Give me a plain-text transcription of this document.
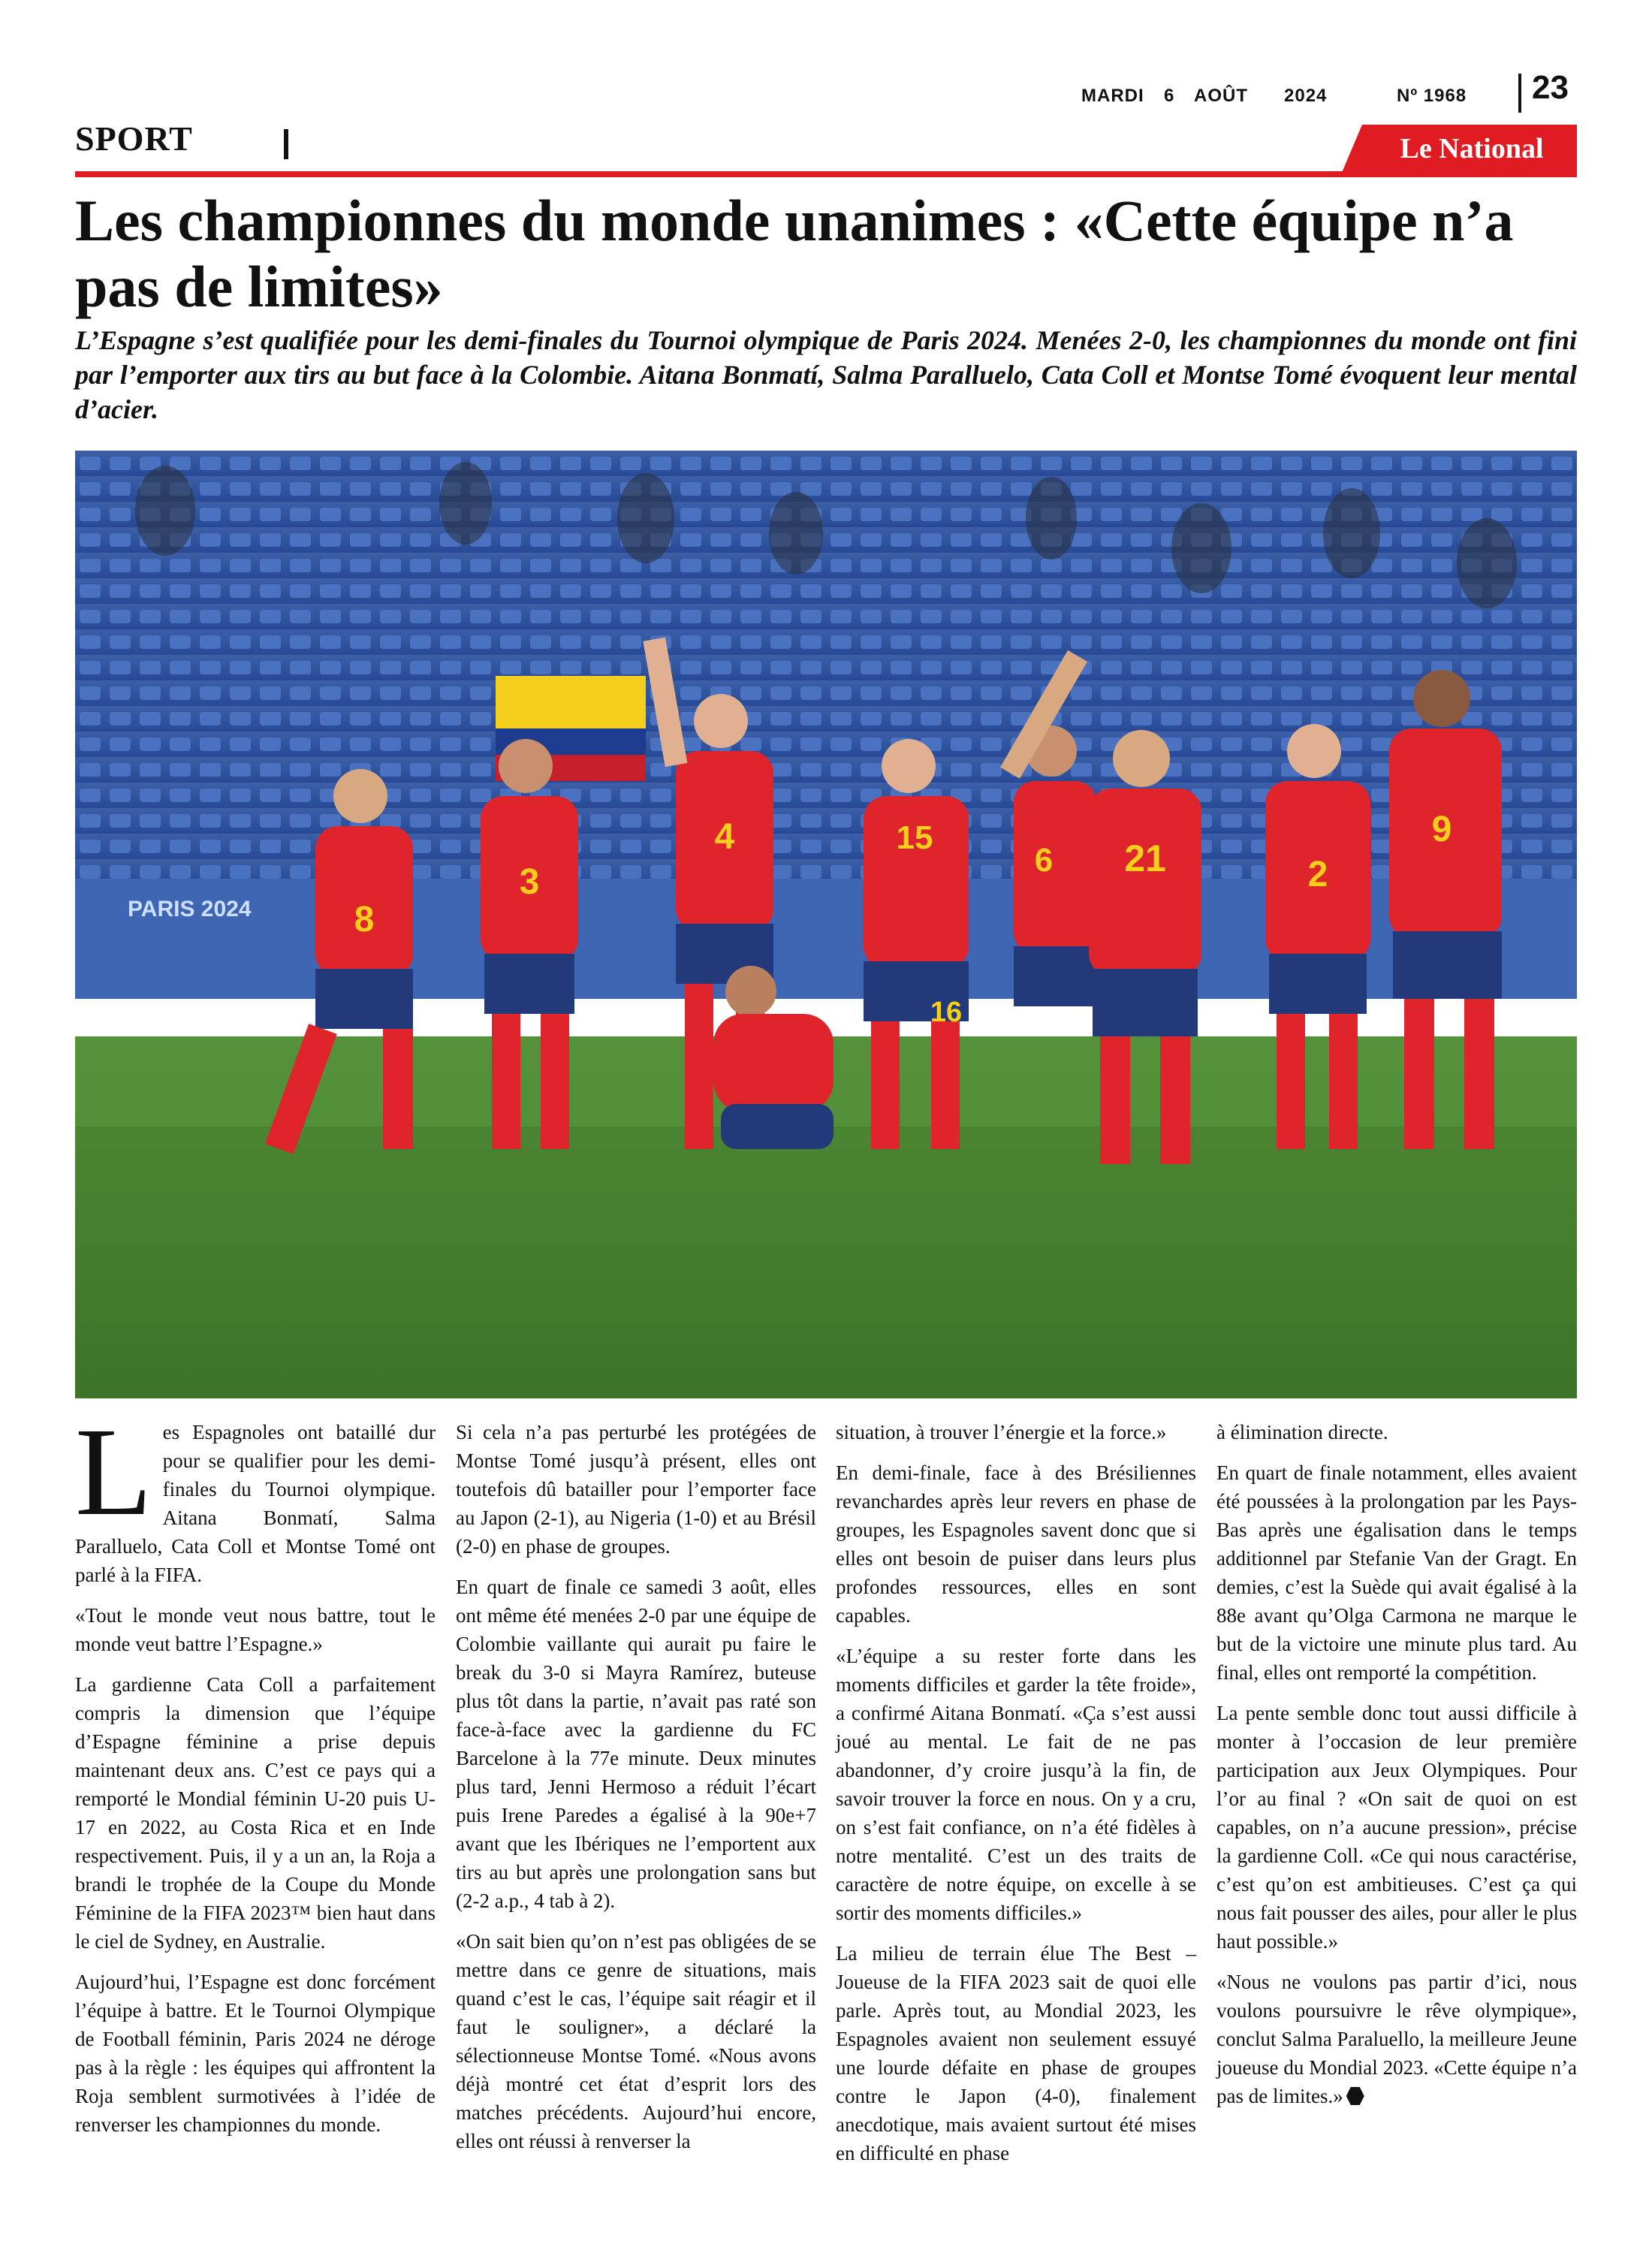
MARDI	6	AOÛT	2024	Nº 1968	23
SPORT	Le National
Les championnes du monde unanimes : «Cette équipe n’a pas de limites»

L’Espagne s’est qualifiée pour les demi-finales du Tournoi olympique de Paris 2024. Menées 2-0, les championnes du monde ont fini par l’emporter aux tirs au but face à la Colombie. Aitana Bonmatí, Salma Paralluelo, Cata Coll et Montse Tomé évoquent leur mental d’acier.

PARIS 2024	8
3
4	15
16
6 21	2
9

Les Espagnoles ont bataillé dur pour se qualifier pour les demi-finales du Tournoi olympique. Aitana Bonmatí, Salma Paralluelo, Cata Coll et Montse Tomé ont parlé à la FIFA.

«Tout le monde veut nous battre, tout le monde veut battre l’Espagne.»

La gardienne Cata Coll a parfaitement compris la dimension que l’équipe d’Espagne féminine a prise depuis maintenant deux ans. C’est ce pays qui a remporté le Mondial féminin U-20 puis U-17 en 2022, au Costa Rica et en Inde respectivement. Puis, il y a un an, la Roja a brandi le trophée de la Coupe du Monde Féminine de la FIFA 2023™ bien haut dans le ciel de Sydney, en Australie.

Aujourd’hui, l’Espagne est donc forcément l’équipe à battre. Et le Tournoi Olympique de Football féminin, Paris 2024 ne déroge pas à la règle : les équipes qui affrontent la Roja semblent surmotivées à l’idée de renverser les championnes du monde.

Si cela n’a pas perturbé les protégées de Montse Tomé jusqu’à présent, elles ont toutefois dû batailler pour l’emporter face au Japon (2-1), au Nigeria (1-0) et au Brésil (2-0) en phase de groupes.

En quart de finale ce samedi 3 août, elles ont même été menées 2-0 par une équipe de Colombie vaillante qui aurait pu faire le break du 3-0 si Mayra Ramírez, buteuse plus tôt dans la partie, n’avait pas raté son face-à-face avec la gardienne du FC Barcelone à la 77e minute. Deux minutes plus tard, Jenni Hermoso a réduit l’écart puis Irene Paredes a égalisé à la 90e+7 avant que les Ibériques ne l’emportent aux tirs au but après une prolongation sans but (2-2 a.p., 4 tab à 2).

«On sait bien qu’on n’est pas obligées de se mettre dans ce genre de situations, mais quand c’est le cas, l’équipe sait réagir et il faut le souligner», a déclaré la sélectionneuse Montse Tomé. «Nous avons déjà montré cet état d’esprit lors des matches précédents. Aujourd’hui encore, elles ont réussi à renverser la

situation, à trouver l’énergie et la force.»

En demi-finale, face à des Brésiliennes revanchardes après leur revers en phase de groupes, les Espagnoles savent donc que si elles ont besoin de puiser dans leurs plus profondes ressources, elles en sont capables.

«L’équipe a su rester forte dans les moments difficiles et garder la tête froide», a confirmé Aitana Bonmatí. «Ça s’est aussi joué au mental. Le fait de ne pas abandonner, d’y croire jusqu’à la fin, de savoir trouver la force en nous. On y a cru, on s’est fait confiance, on n’a été fidèles à notre mentalité. C’est un des traits de caractère de notre équipe, on excelle à se sortir des moments difficiles.»

La milieu de terrain élue The Best – Joueuse de la FIFA 2023 sait de quoi elle parle. Après tout, au Mondial 2023, les Espagnoles avaient non seulement essuyé une lourde défaite en phase de groupes contre le Japon (4-0), finalement anecdotique, mais avaient surtout été mises en difficulté en phase

à élimination directe.

En quart de finale notamment, elles avaient été poussées à la prolongation par les Pays-Bas après une égalisation dans le temps additionnel par Stefanie Van der Gragt. En demies, c’est la Suède qui avait égalisé à la 88e avant qu’Olga Carmona ne marque le but de la victoire une minute plus tard. Au final, elles ont remporté la compétition.

La pente semble donc tout aussi difficile à monter à l’occasion de leur première participation aux Jeux Olympiques. Pour l’or au final ? «On sait de quoi on est capables, on n’a aucune pression», précise la gardienne Coll. «Ce qui nous caractérise, c’est qu’on est ambitieuses. C’est ça qui nous fait pousser des ailes, pour aller le plus haut possible.»

«Nous ne voulons pas partir d’ici, nous voulons poursuivre le rêve olympique», conclut Salma Paraluello, la meilleure Jeune joueuse du Mondial 2023. «Cette équipe n’a pas de limites.»
